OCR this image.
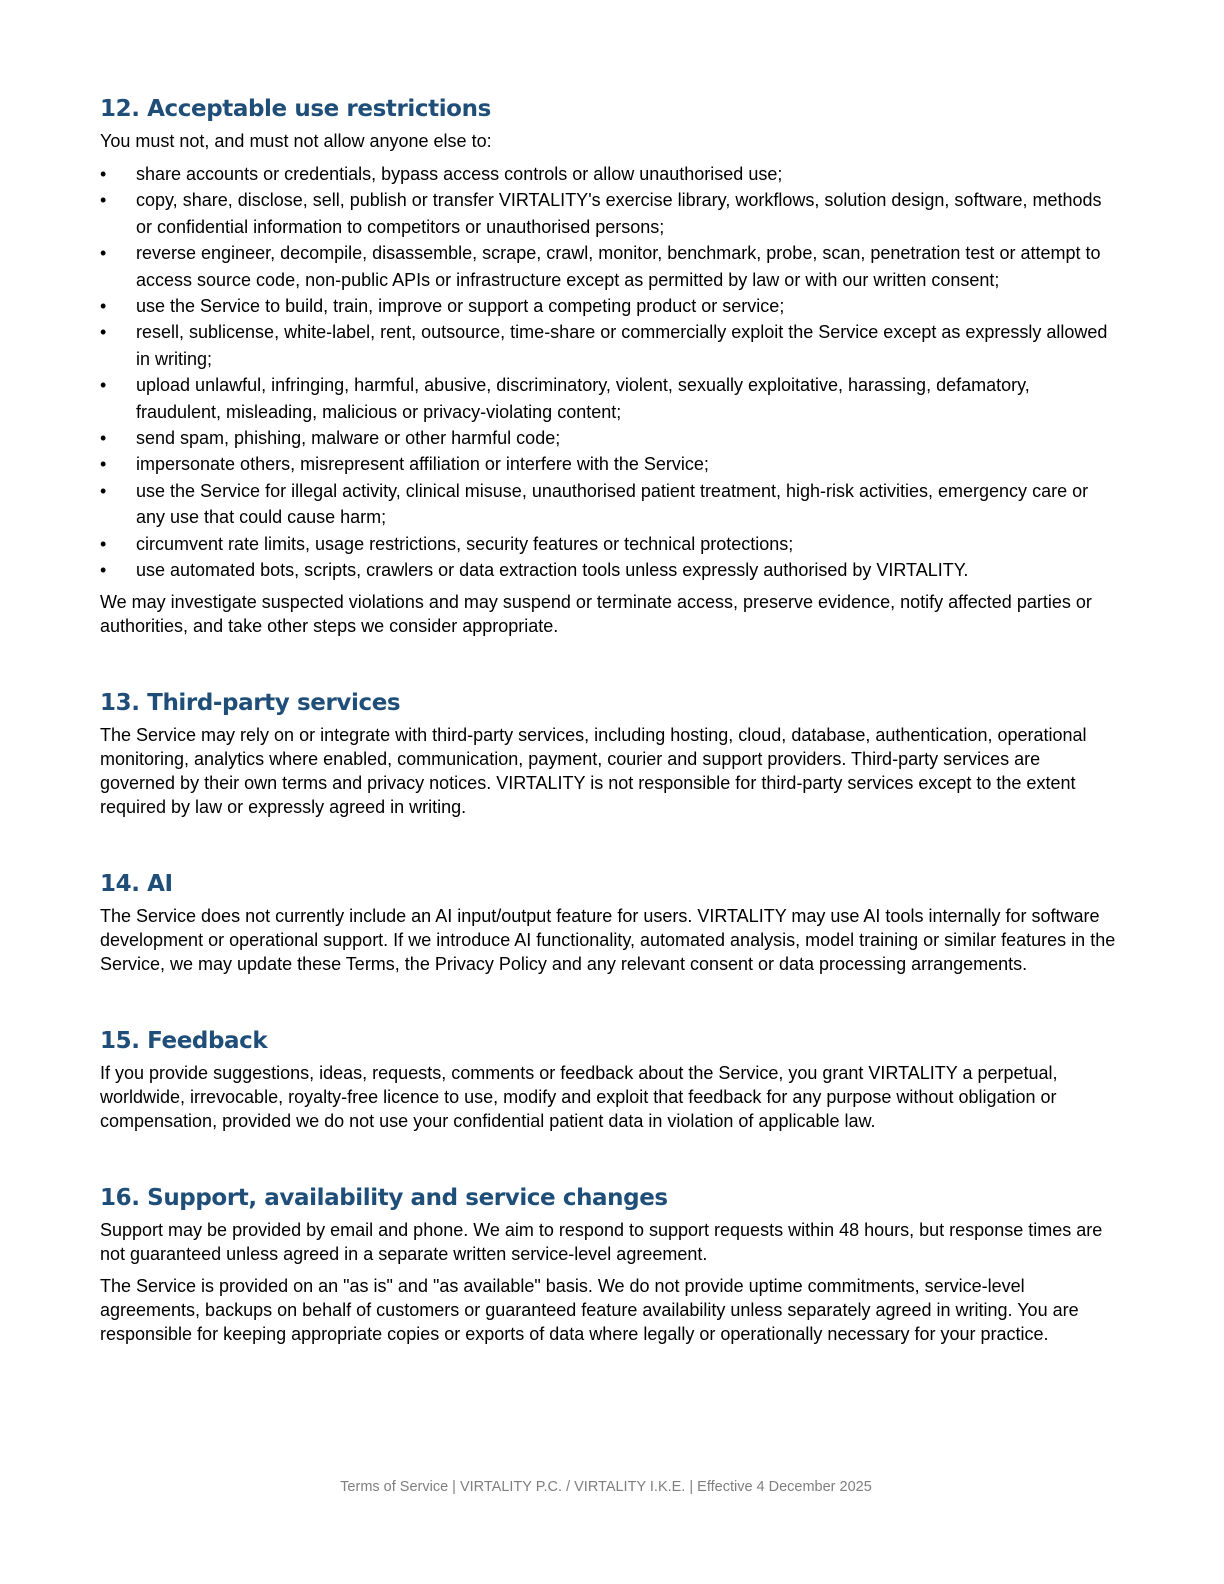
12. Acceptable use restrictions

You must not, and must not allow anyone else to:

•	share accounts or credentials, bypass access controls or allow unauthorised use;
•	copy, share, disclose, sell, publish or transfer VIRTALITY's exercise library, workflows, solution design, software, methods or confidential information to competitors or unauthorised persons;
•	reverse engineer, decompile, disassemble, scrape, crawl, monitor, benchmark, probe, scan, penetration test or attempt to access source code, non-public APIs or infrastructure except as permitted by law or with our written consent;
•	use the Service to build, train, improve or support a competing product or service;
•	resell, sublicense, white-label, rent, outsource, time-share or commercially exploit the Service except as expressly allowed in writing;
•	upload unlawful, infringing, harmful, abusive, discriminatory, violent, sexually exploitative, harassing, defamatory, fraudulent, misleading, malicious or privacy-violating content;
•	send spam, phishing, malware or other harmful code;
•	impersonate others, misrepresent affiliation or interfere with the Service;
•	use the Service for illegal activity, clinical misuse, unauthorised patient treatment, high-risk activities, emergency care or any use that could cause harm;
•	circumvent rate limits, usage restrictions, security features or technical protections;
•	use automated bots, scripts, crawlers or data extraction tools unless expressly authorised by VIRTALITY.

We may investigate suspected violations and may suspend or terminate access, preserve evidence, notify affected parties or authorities, and take other steps we consider appropriate.

13. Third-party services

The Service may rely on or integrate with third-party services, including hosting, cloud, database, authentication, operational monitoring, analytics where enabled, communication, payment, courier and support providers. Third-party services are governed by their own terms and privacy notices. VIRTALITY is not responsible for third-party services except to the extent required by law or expressly agreed in writing.

14. AI

The Service does not currently include an AI input/output feature for users. VIRTALITY may use AI tools internally for software development or operational support. If we introduce AI functionality, automated analysis, model training or similar features in the Service, we may update these Terms, the Privacy Policy and any relevant consent or data processing arrangements.

15. Feedback

If you provide suggestions, ideas, requests, comments or feedback about the Service, you grant VIRTALITY a perpetual, worldwide, irrevocable, royalty-free licence to use, modify and exploit that feedback for any purpose without obligation or compensation, provided we do not use your confidential patient data in violation of applicable law.

16. Support, availability and service changes

Support may be provided by email and phone. We aim to respond to support requests within 48 hours, but response times are not guaranteed unless agreed in a separate written service-level agreement.

The Service is provided on an "as is" and "as available" basis. We do not provide uptime commitments, service-level agreements, backups on behalf of customers or guaranteed feature availability unless separately agreed in writing. You are responsible for keeping appropriate copies or exports of data where legally or operationally necessary for your practice.

Terms of Service | VIRTALITY P.C. / VIRTALITY I.K.E. | Effective 4 December 2025
